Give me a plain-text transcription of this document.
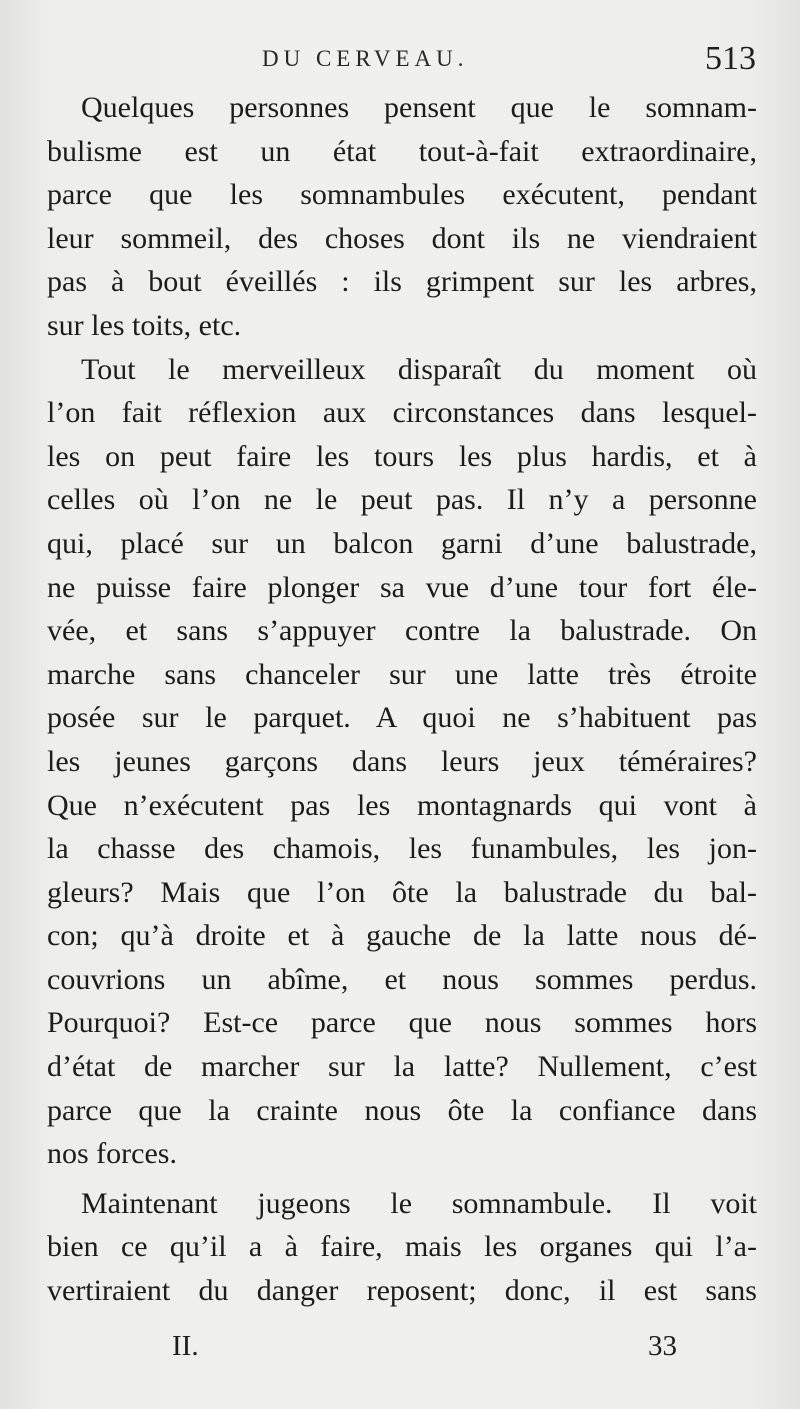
DU CERVEAU.	513
Quelques personnes pensent que le somnam-
bulisme est un état tout-à-fait extraordinaire,
parce que les somnambules exécutent, pendant
leur sommeil, des choses dont ils ne viendraient
pas à bout éveillés : ils grimpent sur les arbres,
sur les toits, etc.
Tout le merveilleux disparaît du moment où
l’on fait réflexion aux circonstances dans lesquel-
les on peut faire les tours les plus hardis, et à
celles où l’on ne le peut pas. Il n’y a personne
qui, placé sur un balcon garni d’une balustrade,
ne puisse faire plonger sa vue d’une tour fort éle-
vée, et sans s’appuyer contre la balustrade. On
marche sans chanceler sur une latte très étroite
posée sur le parquet. A quoi ne s’habituent pas
les jeunes garçons dans leurs jeux téméraires?
Que n’exécutent pas les montagnards qui vont à
la chasse des chamois, les funambules, les jon-
gleurs? Mais que l’on ôte la balustrade du bal-
con; qu’à droite et à gauche de la latte nous dé-
couvrions un abîme, et nous sommes perdus.
Pourquoi? Est-ce parce que nous sommes hors
d’état de marcher sur la latte? Nullement, c’est
parce que la crainte nous ôte la confiance dans
nos forces.
Maintenant jugeons le somnambule. Il voit
bien ce qu’il a à faire, mais les organes qui l’a-
vertiraient du danger reposent; donc, il est sans
II.	33
